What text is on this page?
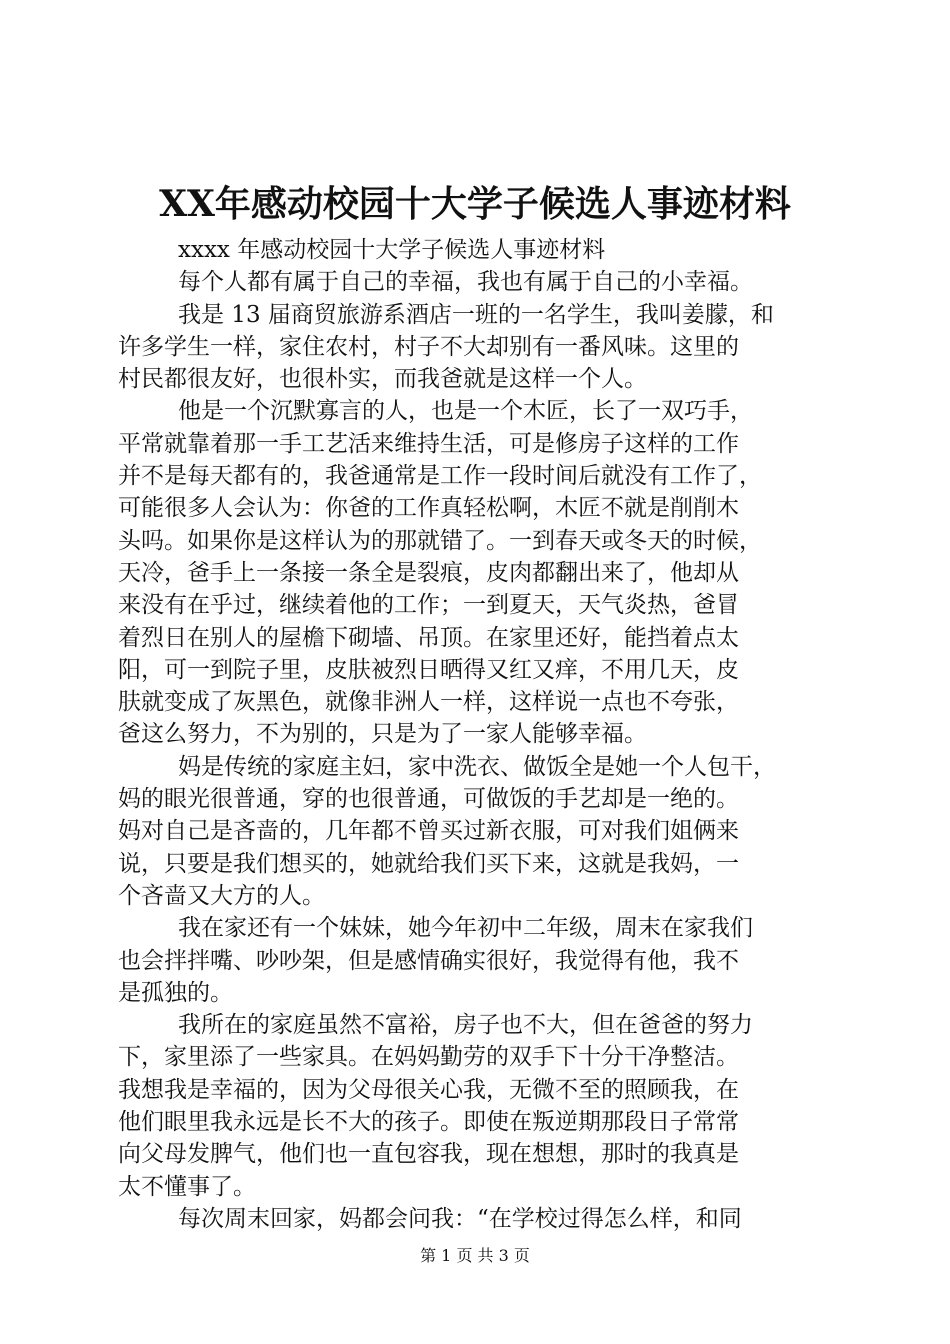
XX年感动校园十大学子候选人事迹材料
xxxx 年感动校园十大学子候选人事迹材料
每个人都有属于自己的幸福，我也有属于自己的小幸福。
我是 13 届商贸旅游系酒店一班的一名学生，我叫姜朦，和
许多学生一样，家住农村，村子不大却别有一番风味。这里的
村民都很友好，也很朴实，而我爸就是这样一个人。
他是一个沉默寡言的人，也是一个木匠，长了一双巧手，
平常就靠着那一手工艺活来维持生活，可是修房子这样的工作
并不是每天都有的，我爸通常是工作一段时间后就没有工作了，
可能很多人会认为：你爸的工作真轻松啊，木匠不就是削削木
头吗。如果你是这样认为的那就错了。一到春天或冬天的时候，
天冷，爸手上一条接一条全是裂痕，皮肉都翻出来了，他却从
来没有在乎过，继续着他的工作；一到夏天，天气炎热，爸冒
着烈日在别人的屋檐下砌墙、吊顶。在家里还好，能挡着点太
阳，可一到院子里，皮肤被烈日晒得又红又痒，不用几天，皮
肤就变成了灰黑色，就像非洲人一样，这样说一点也不夸张，
爸这么努力，不为别的，只是为了一家人能够幸福。
妈是传统的家庭主妇，家中洗衣、做饭全是她一个人包干，
妈的眼光很普通，穿的也很普通，可做饭的手艺却是一绝的。
妈对自己是吝啬的，几年都不曾买过新衣服，可对我们姐俩来
说，只要是我们想买的，她就给我们买下来，这就是我妈，一
个吝啬又大方的人。
我在家还有一个妹妹，她今年初中二年级，周末在家我们
也会拌拌嘴、吵吵架，但是感情确实很好，我觉得有他，我不
是孤独的。
我所在的家庭虽然不富裕，房子也不大，但在爸爸的努力
下，家里添了一些家具。在妈妈勤劳的双手下十分干净整洁。
我想我是幸福的，因为父母很关心我，无微不至的照顾我，在
他们眼里我永远是长不大的孩子。即使在叛逆期那段日子常常
向父母发脾气，他们也一直包容我，现在想想，那时的我真是
太不懂事了。
每次周末回家，妈都会问我：“在学校过得怎么样，和同
第 1 页 共 3 页
